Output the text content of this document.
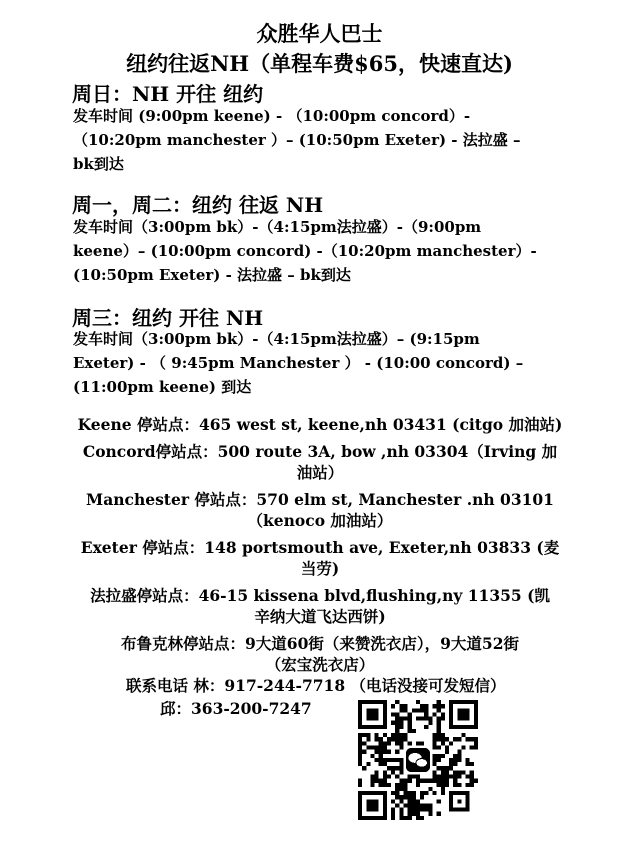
众胜华人巴士
纽约往返NH（单程车费$65，快速直达)
周日：NH 开往 纽约
发车时间 (9:00pm keene) - （10:00pm concord）-
（10:20pm manchester ）– (10:50pm Exeter) - 法拉盛 –
bk到达
周一，周二：纽约 往返 NH
发车时间（3:00pm bk）-（4:15pm法拉盛）-（9:00pm
keene）– (10:00pm concord) -（10:20pm manchester）-
(10:50pm Exeter) - 法拉盛 – bk到达
周三：纽约 开往 NH
发车时间（3:00pm bk）-（4:15pm法拉盛）– (9:15pm
Exeter) - （ 9:45pm Manchester ） - (10:00 concord) –
(11:00pm keene) 到达
Keene 停站点：465 west st, keene,nh 03431 (citgo 加油站)
Concord停站点：500 route 3A, bow ,nh 03304（Irving 加
油站）
Manchester 停站点：570 elm st, Manchester .nh 03101
（kenoco 加油站）
Exeter 停站点：148 portsmouth ave, Exeter,nh 03833 (麦
当劳)
法拉盛停站点：46-15 kissena blvd,flushing,ny 11355 (凯
辛纳大道飞达西饼)
布鲁克林停站点：9大道60街（来赞洗衣店），9大道52街
（宏宝洗衣店）
联系电话 林：917-244-7718 （电话没接可发短信）
邱：363-200-7247
